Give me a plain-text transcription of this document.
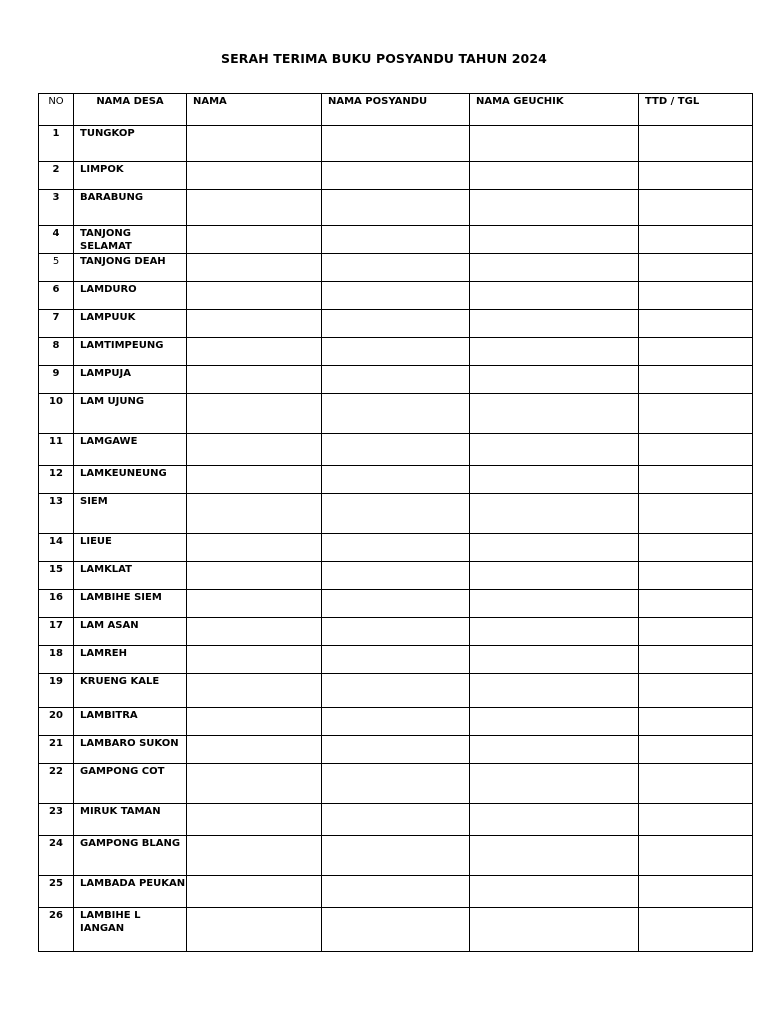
SERAH TERIMA BUKU POSYANDU TAHUN 2024
NO	NAMA DESA	NAMA	NAMA POSYANDU	NAMA GEUCHIK	TTD / TGL
1	TUNGKOP				
2	LIMPOK				
3	BARABUNG				
4	TANJONG SELAMAT				
5	TANJONG DEAH				
6	LAMDURO				
7	LAMPUUK				
8	LAMTIMPEUNG				
9	LAMPUJA				
10	LAM UJUNG				
11	LAMGAWE				
12	LAMKEUNEUNG				
13	SIEM				
14	LIEUE				
15	LAMKLAT				
16	LAMBIHE SIEM				
17	LAM ASAN				
18	LAMREH				
19	KRUENG KALE				
20	LAMBITRA				
21	LAMBARO SUKON				
22	GAMPONG COT				
23	MIRUK TAMAN				
24	GAMPONG BLANG				
25	LAMBADA PEUKAN				
26	LAMBIHE L IANGAN				
